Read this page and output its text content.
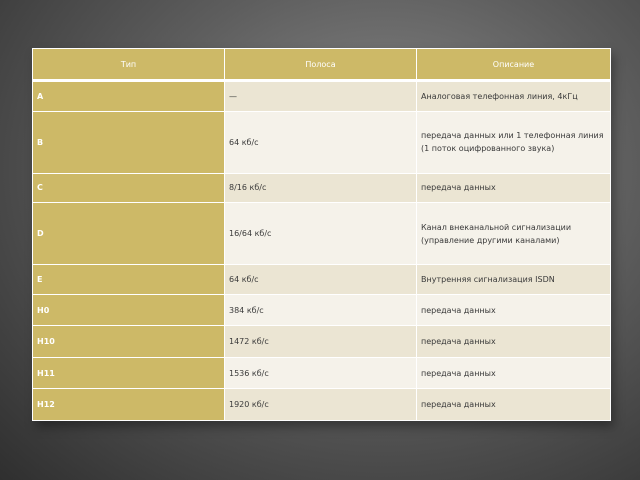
Тип	Полоса	Описание
A	—	Аналоговая телефонная линия, 4кГц
B	64 кб/с	передача данных или 1 телефонная линия (1 поток оцифрованного звука)
C	8/16 кб/с	передача данных
D	16/64 кб/с	Канал внеканальной сигнализации (управление другими каналами)
E	64 кб/с	Внутренняя сигнализация ISDN
H0	384 кб/с	передача данных
H10	1472 кб/с	передача данных
H11	1536 кб/с	передача данных
H12	1920 кб/с	передача данных
